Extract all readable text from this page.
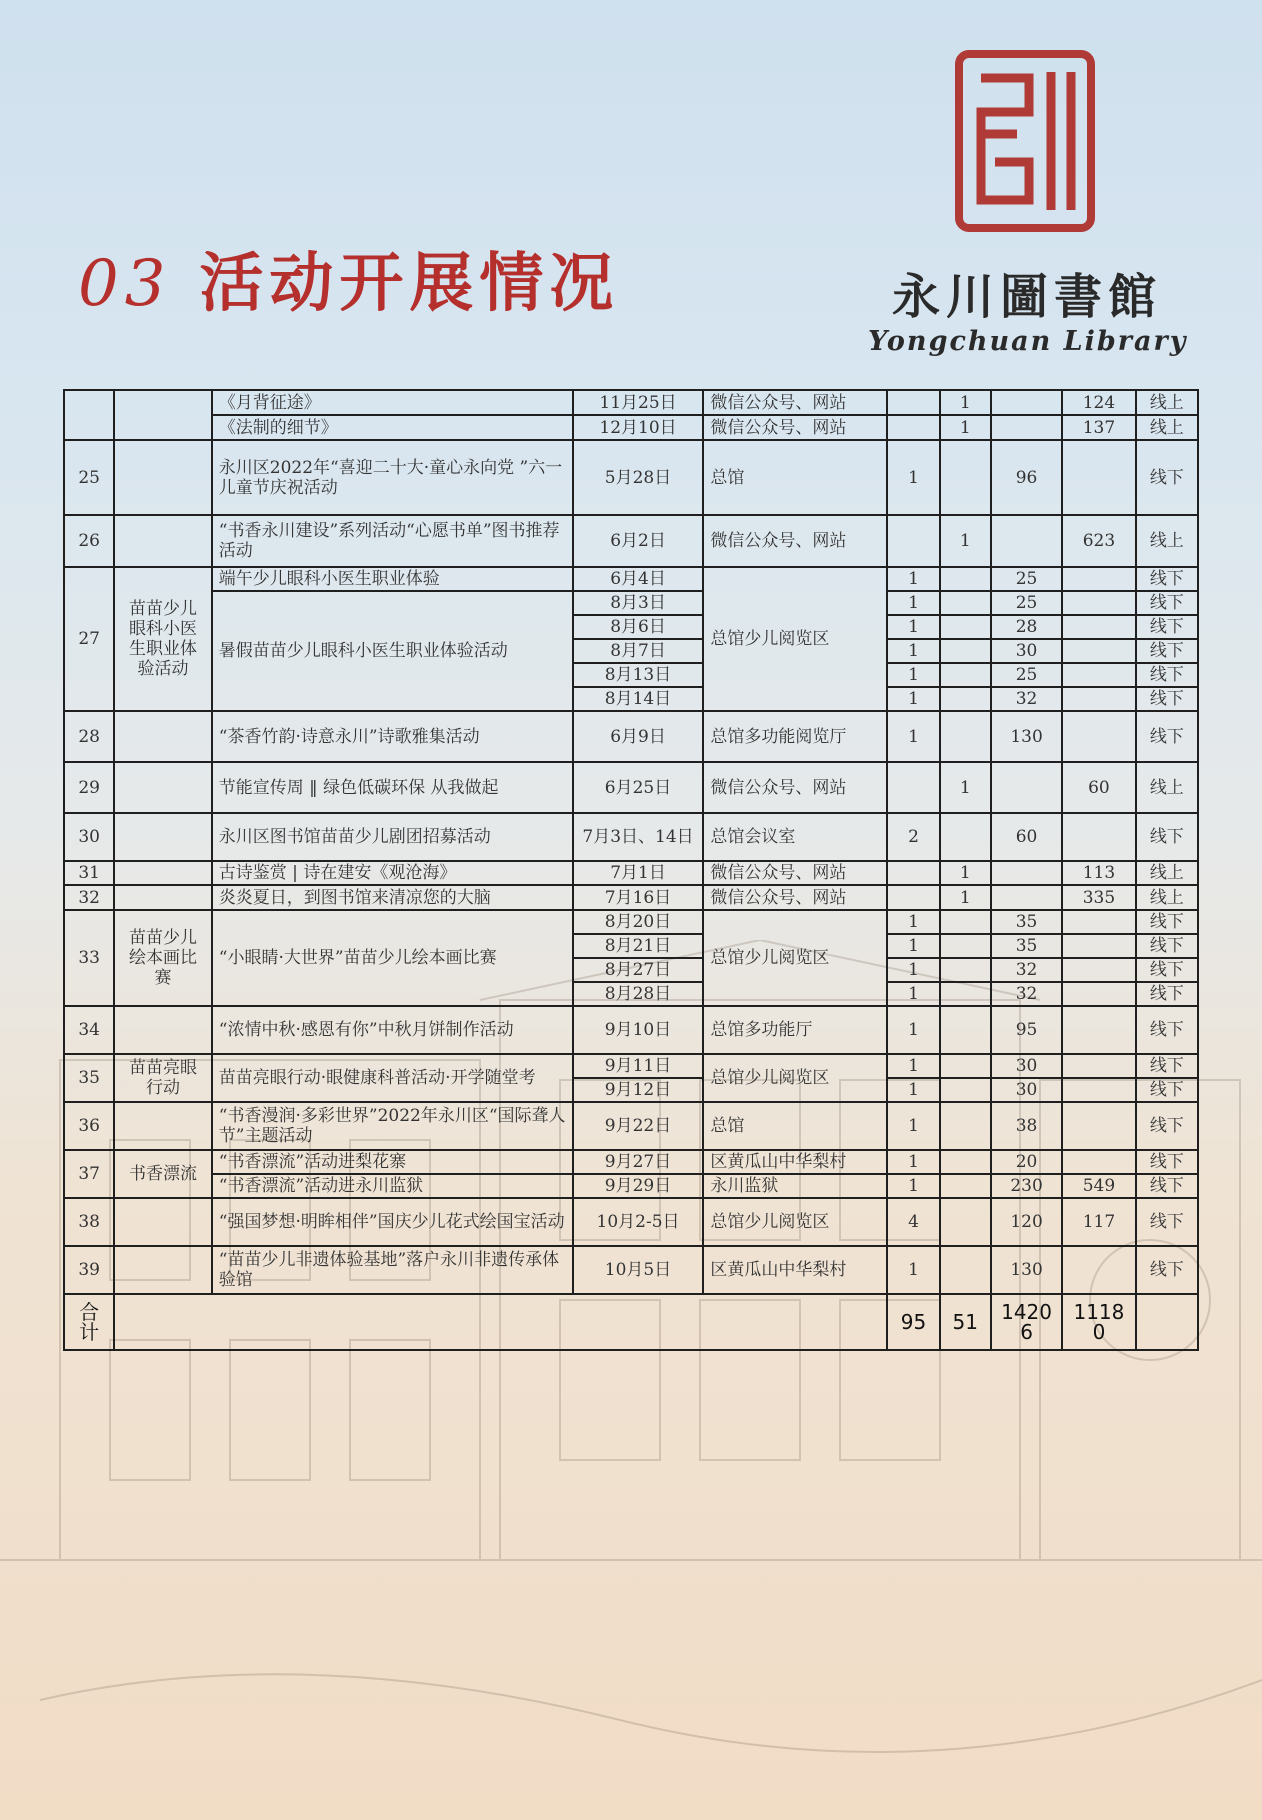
03 活动开展情况	永川圖書館
Yongchuan Library
		《月背征途》	11月25日	微信公众号、网站		1		124	线上
		《法制的细节》	12月10日	微信公众号、网站		1		137	线上
25		永川区2022年“喜迎二十大·童心永向党 ”六一儿童节庆祝活动	5月28日	总馆	1		96		线下
26		“书香永川建设”系列活动“心愿书单”图书推荐活动	6月2日	微信公众号、网站		1		623	线上
27	苗苗少儿眼科小医生职业体验活动	端午少儿眼科小医生职业体验	6月4日	总馆少儿阅览区	1		25		线下
		暑假苗苗少儿眼科小医生职业体验活动	8月3日		1		25		线下
			8月6日		1		28		线下
			8月7日		1		30		线下
			8月13日		1		25		线下
			8月14日		1		32		线下
28		“茶香竹韵·诗意永川”诗歌雅集活动	6月9日	总馆多功能阅览厅	1		130		线下
29		节能宣传周 ‖ 绿色低碳环保 从我做起	6月25日	微信公众号、网站		1		60	线上
30		永川区图书馆苗苗少儿剧团招募活动	7月3日、14日	总馆会议室	2		60		线下
31		古诗鉴赏 | 诗在建安《观沧海》	7月1日	微信公众号、网站		1		113	线上
32		炎炎夏日，到图书馆来清凉您的大脑	7月16日	微信公众号、网站		1		335	线上
33	苗苗少儿绘本画比赛	“小眼睛·大世界”苗苗少儿绘本画比赛	8月20日	总馆少儿阅览区	1		35		线下
			8月21日		1		35		线下
			8月27日		1		32		线下
			8月28日		1		32		线下
34		“浓情中秋·感恩有你”中秋月饼制作活动	9月10日	总馆多功能厅	1		95		线下
35	苗苗亮眼行动	苗苗亮眼行动·眼健康科普活动·开学随堂考	9月11日	总馆少儿阅览区	1		30		线下
			9月12日		1		30		线下
36		“书香漫润·多彩世界”2022年永川区“国际聋人节”主题活动	9月22日	总馆	1		38		线下
37	书香漂流	“书香漂流”活动进梨花寨	9月27日	区黄瓜山中华梨村	1		20		线下
		“书香漂流”活动进永川监狱	9月29日	永川监狱	1		230	549	线下
38		“强国梦想·明眸相伴”国庆少儿花式绘国宝活动	10月2-5日	总馆少儿阅览区	4		120	117	线下
39		“苗苗少儿非遗体验基地”落户永川非遗传承体验馆	10月5日	区黄瓜山中华梨村	1		130		线下
合计					95	51	14206	11180	
